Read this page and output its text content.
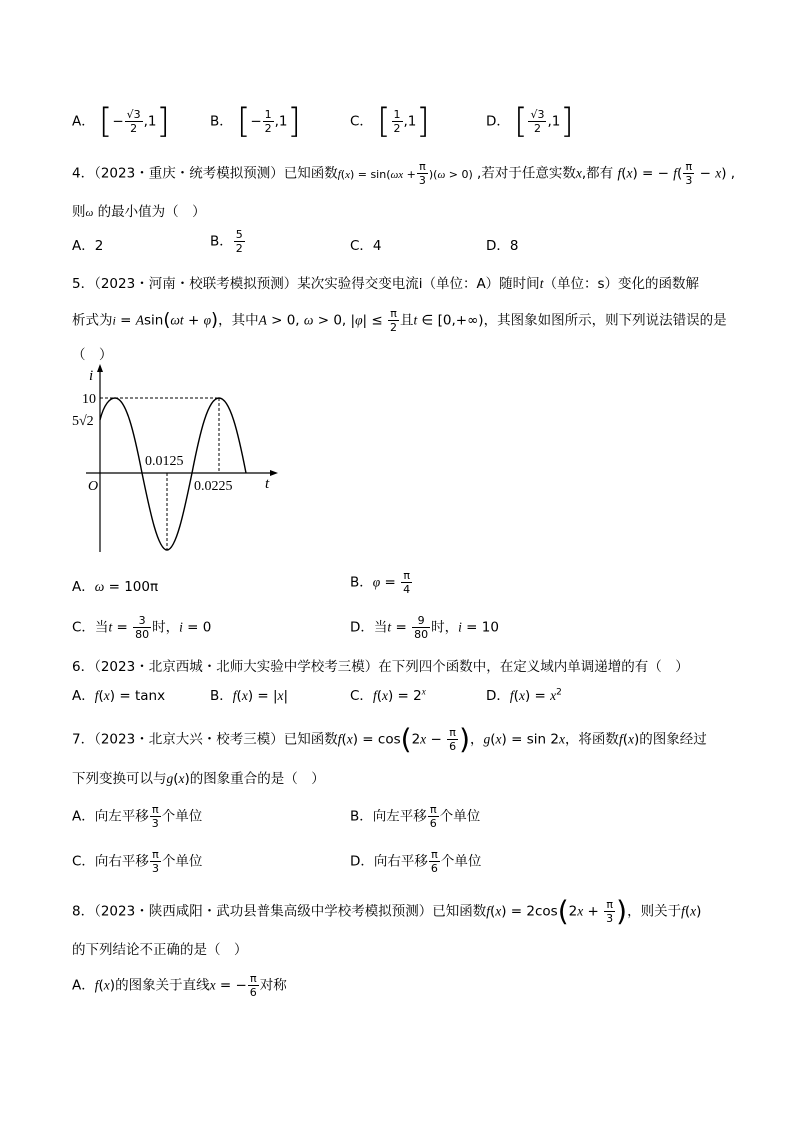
A． [− $\frac{√3}{2} ,1$]	B． [− $\frac{1}{2} ,1$]	C． [ $\frac{1}{2} ,1$]	D． [ $\frac{√3}{2} ,1$]
4．（2023・重庆・统考模拟预测）已知函数$f(x) = \sin(\omega x + \frac{\pi}{3} )(\omega > 0)$ ,若对于任意实数x,都有 f(x) = − $f( \frac{\pi}{3} - x)$ ,
则ω 的最小值为（　）
A．2	B． $\frac{5}{2}$	C．4	D．8
5．（2023・河南・校联考模拟预测）某次实验得交变电流i（单位：A）随时间t（单位：s）变化的函数解
析式为i = Asin(ωt + φ)，其中A > 0, ω > 0, $|\varphi| \le \frac{\pi}{2}$ 且t ∈ [0,+∞)，其图象如图所示，则下列说法错误的是
（　）
i
10
5√2
O
0.0125
0.0225 t
A．ω = 100π	B．$\varphi = \frac{\pi}{4}$
C．当$t = \frac{3}{80}$ 时，i = 0	D．当$t = \frac{9}{80}$ 时，i = 10
6．（2023・北京西城・北师大实验中学校考三模）在下列四个函数中，在定义域内单调递增的有（　）
A．f(x) = tanx	B．f(x) = |x|	C．$f(x) = 2^x$	D．$f(x) = x^2$
7．（2023・北京大兴・校考三模）已知函数$f(x) = \cos(2x - \frac{\pi}{6}$ )，g(x) = sin 2x，将函数f(x)的图象经过
下列变换可以与g(x)的图象重合的是（　）
A．向左平移 $\frac{\pi}{3}$ 个单位	B．向左平移 $\frac{\pi}{6}$ 个单位
C．向右平移 $\frac{\pi}{3}$ 个单位	D．向右平移 $\frac{\pi}{6}$ 个单位
8．（2023・陕西咸阳・武功县普集高级中学校考模拟预测）已知函数$f(x) = 2\cos(2x + \frac{\pi}{3}$ )，则关于f(x)
的下列结论不正确的是（　）
A．f(x)的图象关于直线x = − $\frac{\pi}{6}$ 对称
